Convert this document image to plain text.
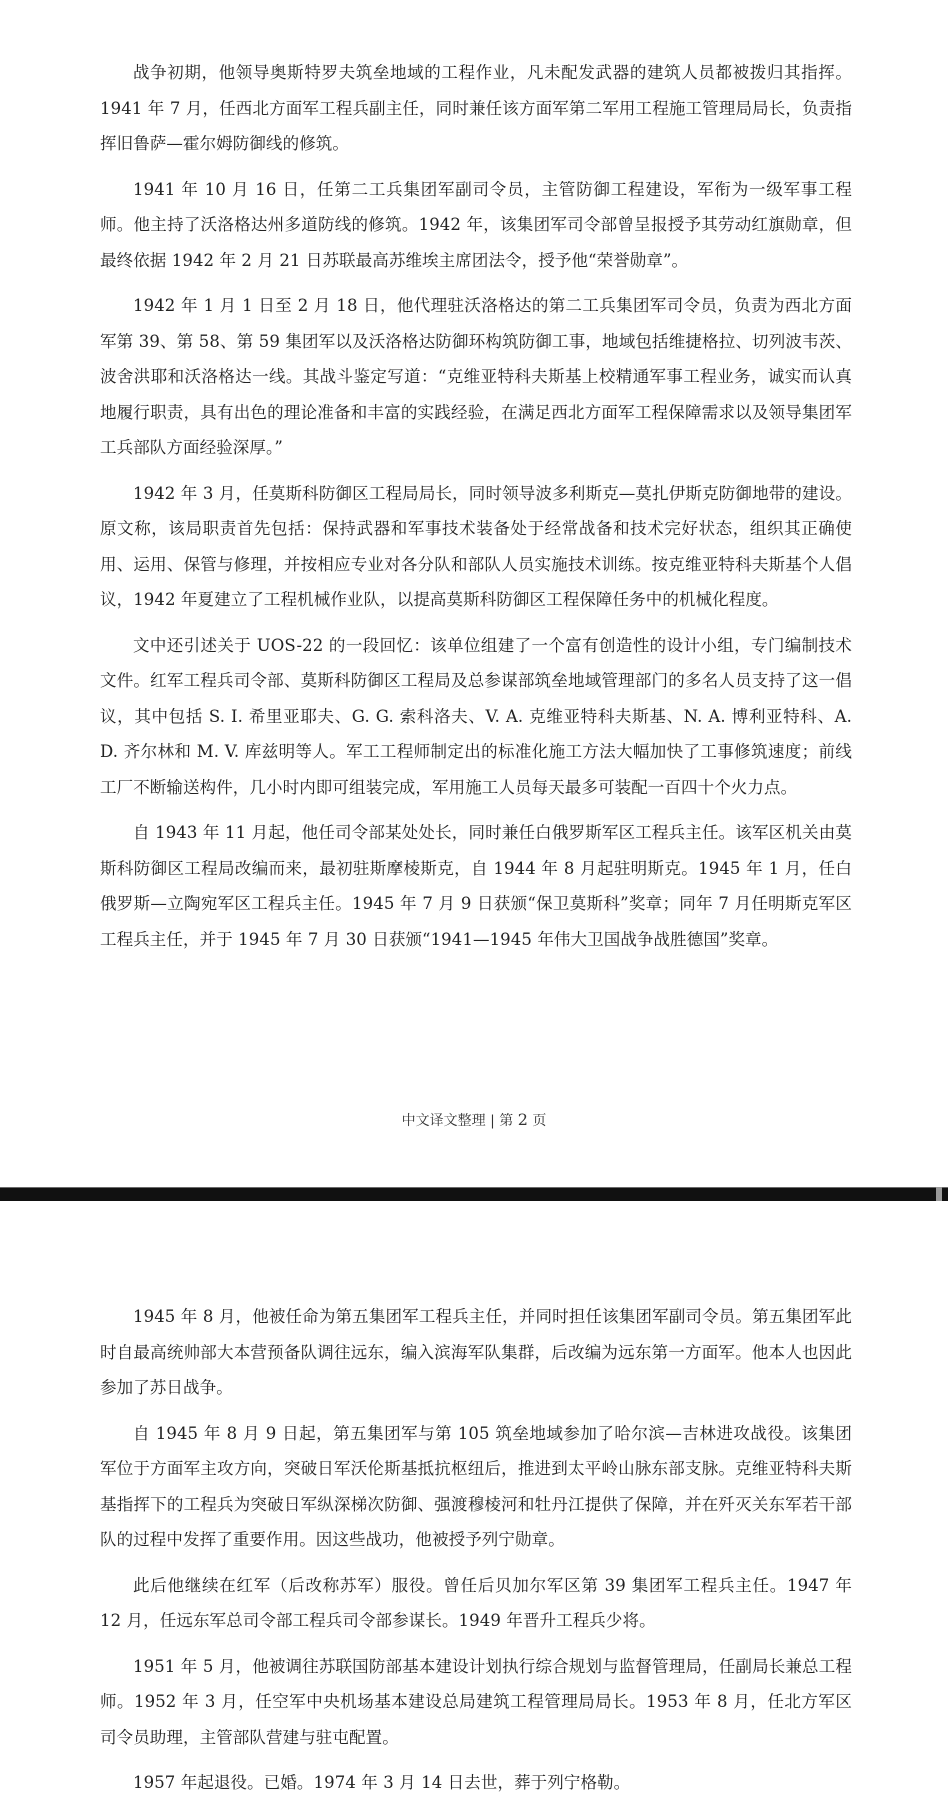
战争初期，他领导奥斯特罗夫筑垒地域的工程作业，凡未配发武器的建筑人员都被拨归其指挥。1941 年 7 月，任西北方面军工程兵副主任，同时兼任该方面军第二军用工程施工管理局局长，负责指挥旧鲁萨—霍尔姆防御线的修筑。

1941 年 10 月 16 日，任第二工兵集团军副司令员，主管防御工程建设，军衔为一级军事工程师。他主持了沃洛格达州多道防线的修筑。1942 年，该集团军司令部曾呈报授予其劳动红旗勋章，但最终依据 1942 年 2 月 21 日苏联最高苏维埃主席团法令，授予他“荣誉勋章”。

1942 年 1 月 1 日至 2 月 18 日，他代理驻沃洛格达的第二工兵集团军司令员，负责为西北方面军第 39、第 58、第 59 集团军以及沃洛格达防御环构筑防御工事，地域包括维捷格拉、切列波韦茨、波舍洪耶和沃洛格达一线。其战斗鉴定写道：“克维亚特科夫斯基上校精通军事工程业务，诚实而认真地履行职责，具有出色的理论准备和丰富的实践经验，在满足西北方面军工程保障需求以及领导集团军工兵部队方面经验深厚。”

1942 年 3 月，任莫斯科防御区工程局局长，同时领导波多利斯克—莫扎伊斯克防御地带的建设。原文称，该局职责首先包括：保持武器和军事技术装备处于经常战备和技术完好状态，组织其正确使用、运用、保管与修理，并按相应专业对各分队和部队人员实施技术训练。按克维亚特科夫斯基个人倡议，1942 年夏建立了工程机械作业队，以提高莫斯科防御区工程保障任务中的机械化程度。

文中还引述关于 UOS-22 的一段回忆：该单位组建了一个富有创造性的设计小组，专门编制技术文件。红军工程兵司令部、莫斯科防御区工程局及总参谋部筑垒地域管理部门的多名人员支持了这一倡议，其中包括 S. I. 希里亚耶夫、G. G. 索科洛夫、V. A. 克维亚特科夫斯基、N. A. 博利亚特科、A. D. 齐尔林和 M. V. 库兹明等人。军工工程师制定出的标准化施工方法大幅加快了工事修筑速度；前线工厂不断输送构件，几小时内即可组装完成，军用施工人员每天最多可装配一百四十个火力点。

自 1943 年 11 月起，他任司令部某处处长，同时兼任白俄罗斯军区工程兵主任。该军区机关由莫斯科防御区工程局改编而来，最初驻斯摩棱斯克，自 1944 年 8 月起驻明斯克。1945 年 1 月，任白俄罗斯—立陶宛军区工程兵主任。1945 年 7 月 9 日获颁“保卫莫斯科”奖章；同年 7 月任明斯克军区工程兵主任，并于 1945 年 7 月 30 日获颁“1941—1945 年伟大卫国战争战胜德国”奖章。

中文译文整理 | 第 2 页

1945 年 8 月，他被任命为第五集团军工程兵主任，并同时担任该集团军副司令员。第五集团军此时自最高统帅部大本营预备队调往远东，编入滨海军队集群，后改编为远东第一方面军。他本人也因此参加了苏日战争。

自 1945 年 8 月 9 日起，第五集团军与第 105 筑垒地域参加了哈尔滨—吉林进攻战役。该集团军位于方面军主攻方向，突破日军沃伦斯基抵抗枢纽后，推进到太平岭山脉东部支脉。克维亚特科夫斯基指挥下的工程兵为突破日军纵深梯次防御、强渡穆棱河和牡丹江提供了保障，并在歼灭关东军若干部队的过程中发挥了重要作用。因这些战功，他被授予列宁勋章。

此后他继续在红军（后改称苏军）服役。曾任后贝加尔军区第 39 集团军工程兵主任。1947 年 12 月，任远东军总司令部工程兵司令部参谋长。1949 年晋升工程兵少将。

1951 年 5 月，他被调往苏联国防部基本建设计划执行综合规划与监督管理局，任副局长兼总工程师。1952 年 3 月，任空军中央机场基本建设总局建筑工程管理局局长。1953 年 8 月，任北方军区司令员助理，主管部队营建与驻屯配置。

1957 年起退役。已婚。1974 年 3 月 14 日去世，葬于列宁格勒。
